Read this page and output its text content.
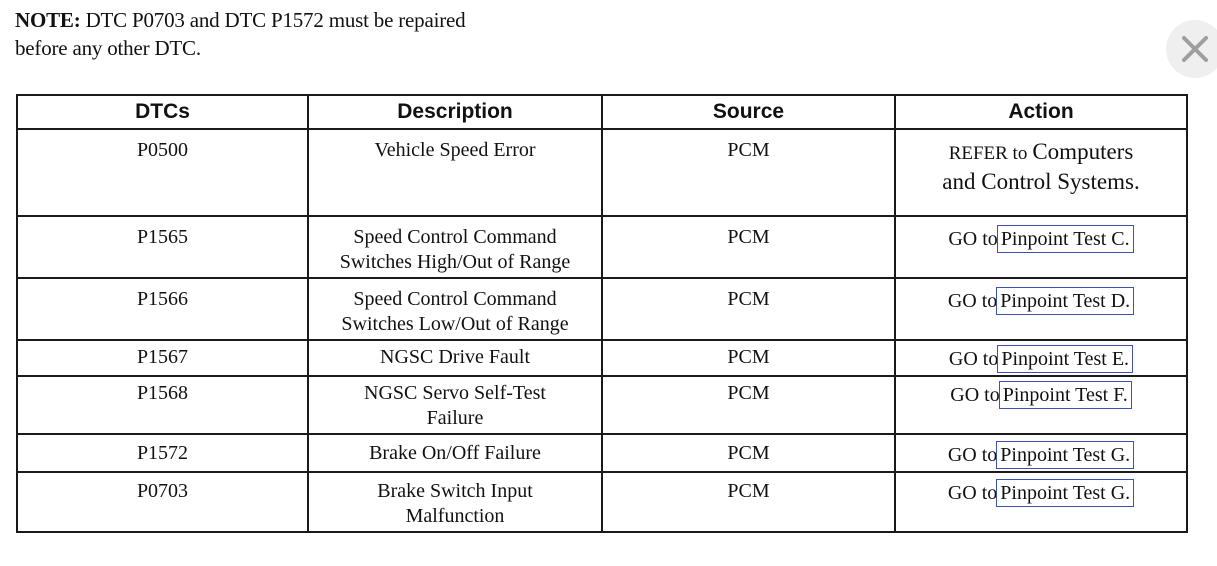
NOTE: DTC P0703 and DTC P1572 must be repaired
before any other DTC.
DTCs	Description	Source	Action
P0500	Vehicle Speed Error	PCM	REFER to Computers
and Control Systems.
P1565	Speed Control Command
Switches High/Out of Range	PCM	GO to Pinpoint Test C.
P1566	Speed Control Command
Switches Low/Out of Range	PCM	GO to Pinpoint Test D.
P1567	NGSC Drive Fault	PCM	GO to Pinpoint Test E.
P1568	NGSC Servo Self-Test
Failure	PCM	GO to Pinpoint Test F.
P1572	Brake On/Off Failure	PCM	GO to Pinpoint Test G.
P0703	Brake Switch Input
Malfunction	PCM	GO to Pinpoint Test G.
